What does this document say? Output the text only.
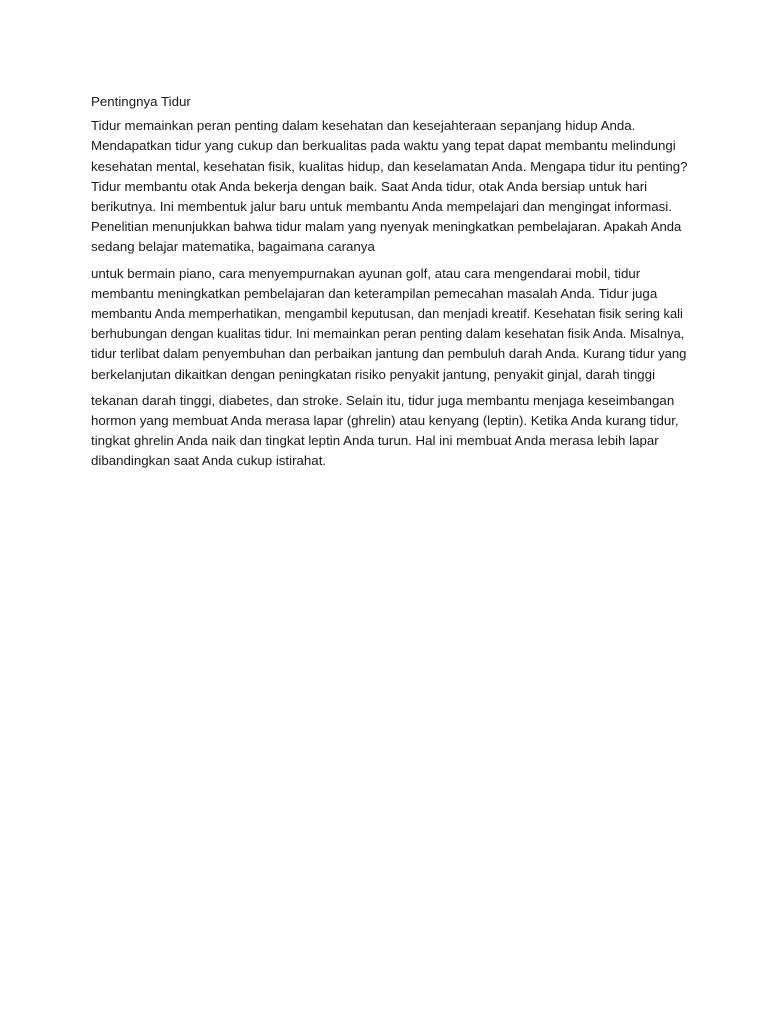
Pentingnya Tidur

Tidur memainkan peran penting dalam kesehatan dan kesejahteraan sepanjang hidup Anda.
Mendapatkan tidur yang cukup dan berkualitas pada waktu yang tepat dapat membantu melindungi
kesehatan mental, kesehatan fisik, kualitas hidup, dan keselamatan Anda. Mengapa tidur itu penting?
Tidur membantu otak Anda bekerja dengan baik. Saat Anda tidur, otak Anda bersiap untuk hari
berikutnya. Ini membentuk jalur baru untuk membantu Anda mempelajari dan mengingat informasi.
Penelitian menunjukkan bahwa tidur malam yang nyenyak meningkatkan pembelajaran. Apakah Anda
sedang belajar matematika, bagaimana caranya

untuk bermain piano, cara menyempurnakan ayunan golf, atau cara mengendarai mobil, tidur
membantu meningkatkan pembelajaran dan keterampilan pemecahan masalah Anda. Tidur juga
membantu Anda memperhatikan, mengambil keputusan, dan menjadi kreatif. Kesehatan fisik sering kali
berhubungan dengan kualitas tidur. Ini memainkan peran penting dalam kesehatan fisik Anda. Misalnya,
tidur terlibat dalam penyembuhan dan perbaikan jantung dan pembuluh darah Anda. Kurang tidur yang
berkelanjutan dikaitkan dengan peningkatan risiko penyakit jantung, penyakit ginjal, darah tinggi

tekanan darah tinggi, diabetes, dan stroke. Selain itu, tidur juga membantu menjaga keseimbangan
hormon yang membuat Anda merasa lapar (ghrelin) atau kenyang (leptin). Ketika Anda kurang tidur,
tingkat ghrelin Anda naik dan tingkat leptin Anda turun. Hal ini membuat Anda merasa lebih lapar
dibandingkan saat Anda cukup istirahat.
